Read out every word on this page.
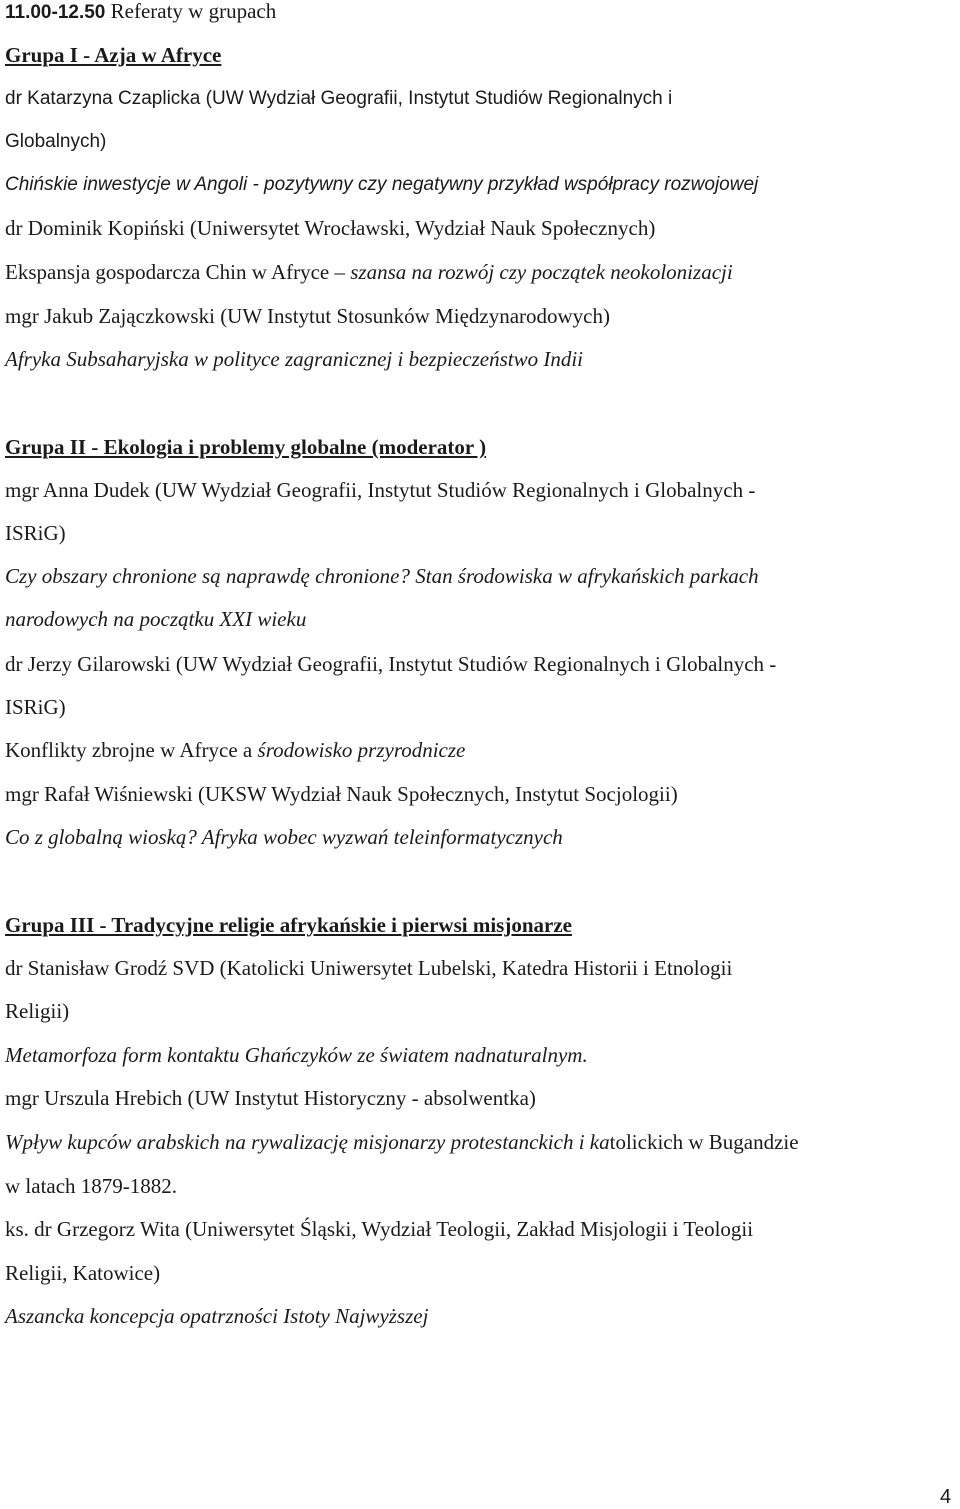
11.00-12.50 Referaty w grupach
Grupa I - Azja w Afryce
dr Katarzyna Czaplicka (UW Wydział Geografii, Instytut Studiów Regionalnych i
Globalnych)
Chińskie inwestycje w Angoli - pozytywny czy negatywny przykład współpracy rozwojowej
dr Dominik Kopiński (Uniwersytet Wrocławski, Wydział Nauk Społecznych)
Ekspansja gospodarcza Chin w Afryce – szansa na rozwój czy początek neokolonizacji
mgr Jakub Zajączkowski (UW Instytut Stosunków Międzynarodowych)
Afryka Subsaharyjska w polityce zagranicznej i bezpieczeństwo Indii
Grupa II - Ekologia i problemy globalne (moderator )
mgr Anna Dudek (UW Wydział Geografii, Instytut Studiów Regionalnych i Globalnych -
ISRiG)
Czy obszary chronione są naprawdę chronione? Stan środowiska w afrykańskich parkach
narodowych na początku XXI wieku
dr Jerzy Gilarowski (UW Wydział Geografii, Instytut Studiów Regionalnych i Globalnych -
ISRiG)
Konflikty zbrojne w Afryce a środowisko przyrodnicze
mgr Rafał Wiśniewski (UKSW Wydział Nauk Społecznych, Instytut Socjologii)
Co z globalną wioską? Afryka wobec wyzwań teleinformatycznych
Grupa III - Tradycyjne religie afrykańskie i pierwsi misjonarze
dr Stanisław Grodź SVD (Katolicki Uniwersytet Lubelski, Katedra Historii i Etnologii
Religii)
Metamorfoza form kontaktu Ghańczyków ze światem nadnaturalnym.
mgr Urszula Hrebich (UW Instytut Historyczny - absolwentka)
Wpływ kupców arabskich na rywalizację misjonarzy protestanckich i katolickich w Bugandzie
w latach 1879-1882.
ks. dr Grzegorz Wita (Uniwersytet Śląski, Wydział Teologii, Zakład Misjologii i Teologii
Religii, Katowice)
Aszancka koncepcja opatrzności Istoty Najwyższej
4
